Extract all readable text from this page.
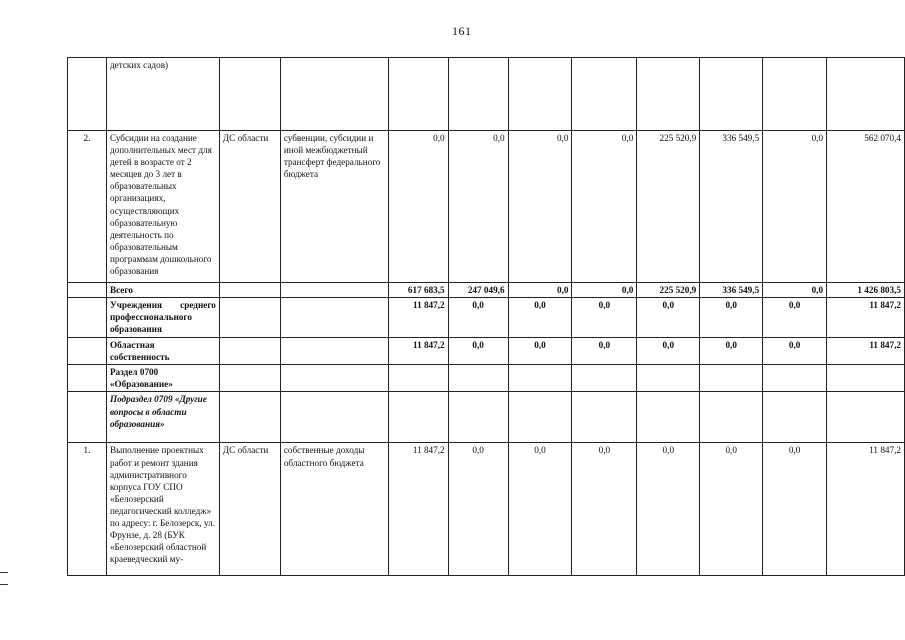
161
	детских садов)										
2.	Субсидии на создание дополнительных мест для детей в возрасте от 2 месяцев до 3 лет в образовательных организациях, осуществляющих образовательную деятельность по образовательным программам дошкольного образования	ДС области	субвенции, субсидии и иной межбюджетный трансферт федерального бюджета	0,0	0,0	0,0	0,0	225 520,9	336 549,5	0,0	562 070,4
	Всего			617 683,5	247 049,6	0,0	0,0	225 520,9	336 549,5	0,0	1 426 803,5
	Учреждения среднего профессионального образования			11 847,2	0,0	0,0	0,0	0,0	0,0	0,0	11 847,2
	Областная собственность			11 847,2	0,0	0,0	0,0	0,0	0,0	0,0	11 847,2
	Раздел 0700 «Образование»										
	Подраздел 0709 «Другие вопросы в области образования»										
1.	Выполнение проектных работ и ремонт здания административного корпуса ГОУ СПО «Белозерский педагогический колледж» по адресу: г. Белозерск, ул. Фрунзе, д. 28 (БУК «Белозерский областной краеведческий му-	ДС области	собственные доходы областного бюджета	11 847,2	0,0	0,0	0,0	0,0	0,0	0,0	11 847,2
